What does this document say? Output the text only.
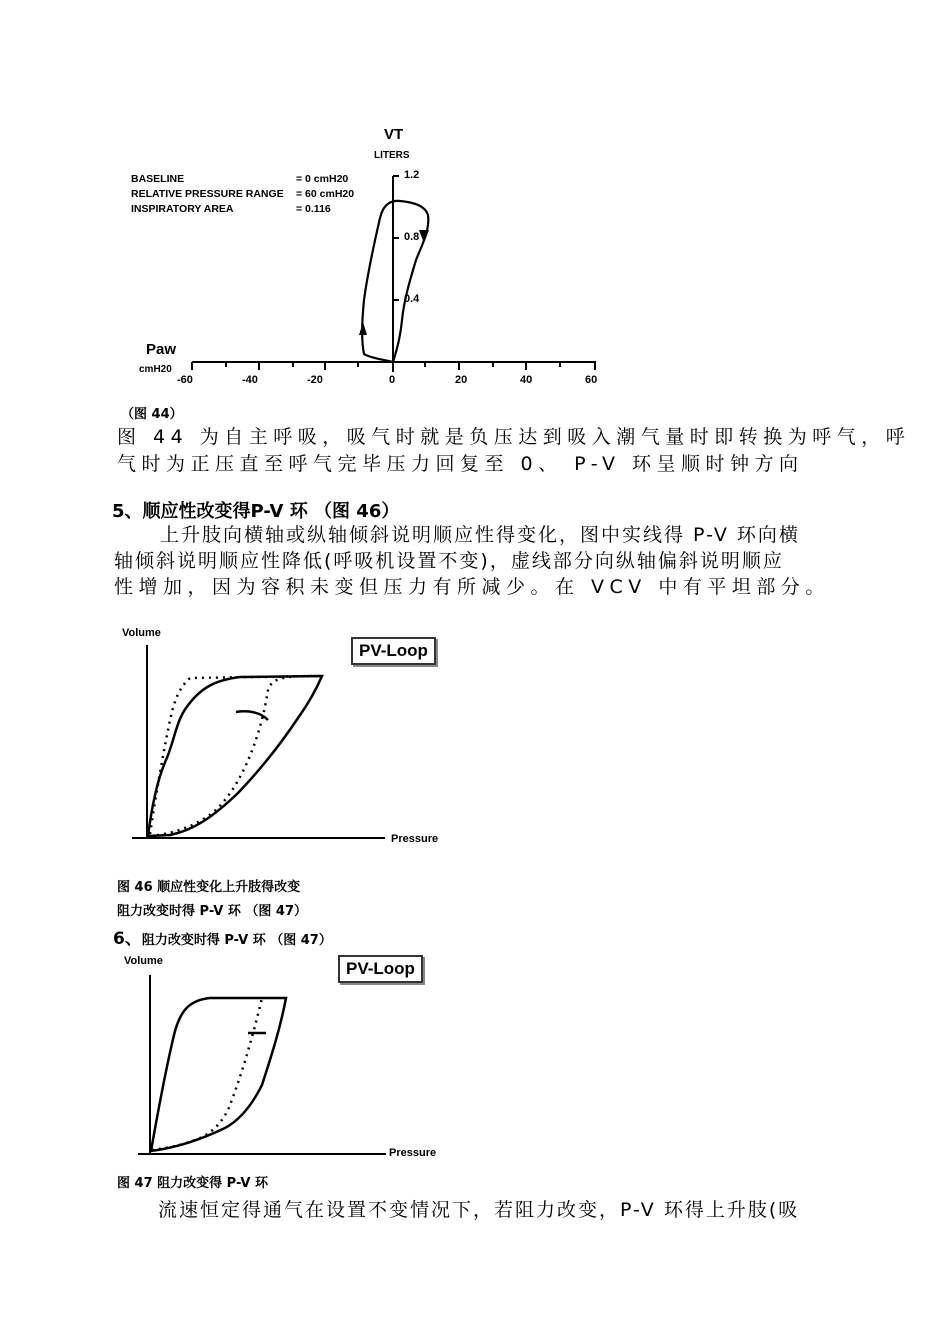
BASELINE	= 0 cmH20
RELATIVE PRESSURE RANGE	= 60 cmH20
INSPIRATORY AREA	= 0.116
VT
LITERS
Paw
cmH20
-60	-40	-20	0	20	40	60
1.2
0.8
0.4
（图 44）
图 44 为自主呼吸，吸气时就是负压达到吸入潮气量时即转换为呼气，呼
气时为正压直至呼气完毕压力回复至 0、 P-V 环呈顺时钟方向
5、顺应性改变得P-V 环 （图 46）
上升肢向横轴或纵轴倾斜说明顺应性得变化，图中实线得 P-V 环向横
轴倾斜说明顺应性降低(呼吸机设置不变)，虚线部分向纵轴偏斜说明顺应
性增加，因为容积未变但压力有所减少。在 VCV 中有平坦部分。
Volume
Pressure
PV-Loop
图 46 顺应性变化上升肢得改变
阻力改变时得 P-V 环 （图 47）
6、阻力改变时得 P-V 环 （图 47）
Volume
Pressure
PV-Loop
图 47 阻力改变得 P-V 环
流速恒定得通气在设置不变情况下，若阻力改变，P-V 环得上升肢(吸
